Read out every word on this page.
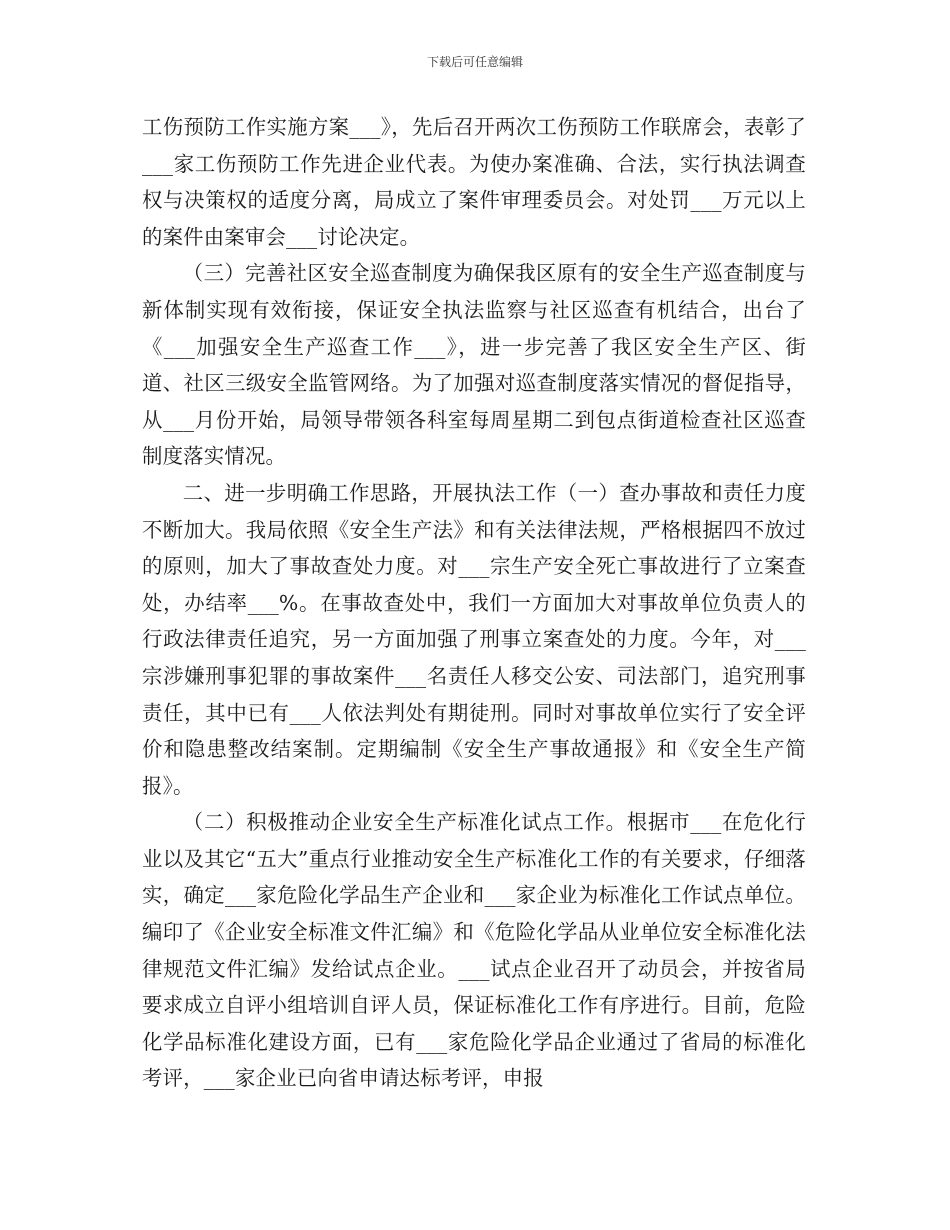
下载后可任意编辑

工伤预防工作实施方案___》，先后召开两次工伤预防工作联席会，表彰了___家工伤预防工作先进企业代表。为使办案准确、合法，实行执法调查权与决策权的适度分离，局成立了案件审理委员会。对处罚___万元以上的案件由案审会___讨论决定。

（三）完善社区安全巡查制度为确保我区原有的安全生产巡查制度与新体制实现有效衔接，保证安全执法监察与社区巡查有机结合，出台了《___加强安全生产巡查工作___》，进一步完善了我区安全生产区、街道、社区三级安全监管网络。为了加强对巡查制度落实情况的督促指导，从___月份开始，局领导带领各科室每周星期二到包点街道检查社区巡查制度落实情况。

二、进一步明确工作思路，开展执法工作（一）查办事故和责任力度不断加大。我局依照《安全生产法》和有关法律法规，严格根据四不放过的原则，加大了事故查处力度。对___宗生产安全死亡事故进行了立案查处，办结率___%。在事故查处中，我们一方面加大对事故单位负责人的行政法律责任追究，另一方面加强了刑事立案查处的力度。今年，对___宗涉嫌刑事犯罪的事故案件___名责任人移交公安、司法部门，追究刑事责任，其中已有___人依法判处有期徒刑。同时对事故单位实行了安全评价和隐患整改结案制。定期编制《安全生产事故通报》和《安全生产简报》。

（二）积极推动企业安全生产标准化试点工作。根据市___在危化行业以及其它“五大”重点行业推动安全生产标准化工作的有关要求，仔细落实，确定___家危险化学品生产企业和___家企业为标准化工作试点单位。编印了《企业安全标准文件汇编》和《危险化学品从业单位安全标准化法律规范文件汇编》发给试点企业。___试点企业召开了动员会，并按省局要求成立自评小组培训自评人员，保证标准化工作有序进行。目前，危险化学品标准化建设方面，已有___家危险化学品企业通过了省局的标准化考评，___家企业已向省申请达标考评，申报
